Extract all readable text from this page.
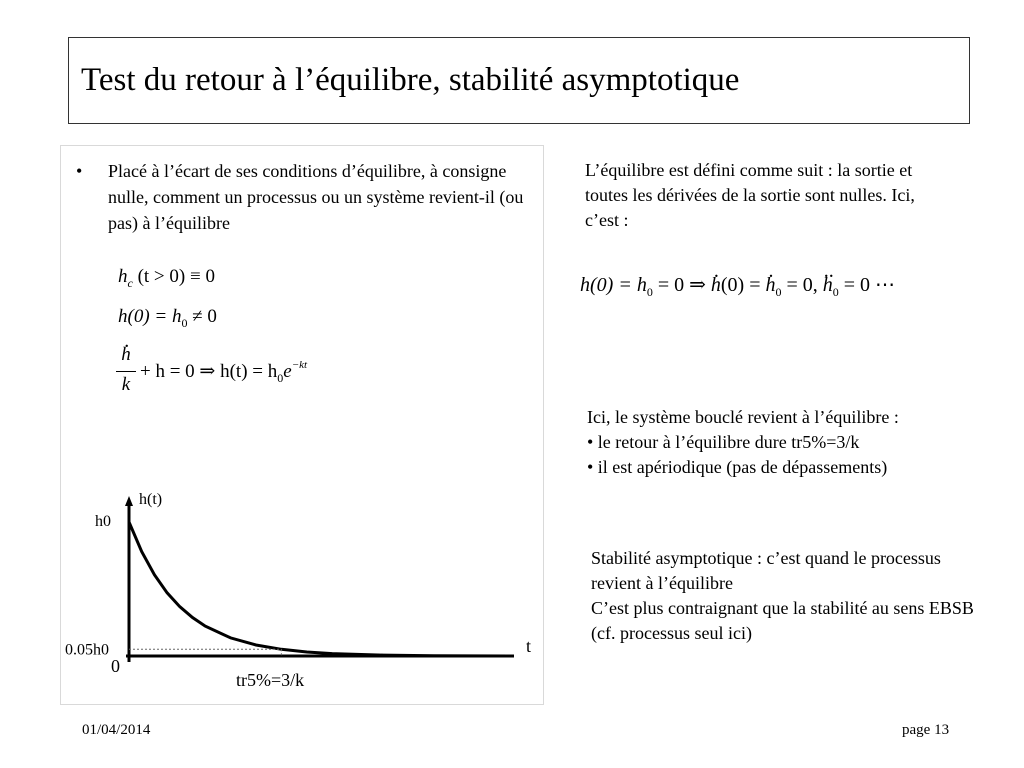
Test du retour à l’équilibre, stabilité asymptotique
• Placé à l’écart de ses conditions d’équilibre, à consigne nulle, comment un processus ou un système revient-il (ou pas) à l’équilibre
$h_c$ (t > 0) ≡ 0
$h(0) = h_0 \ne 0$
. h
k
+ h = 0 ⇒ $h(t) = h_0e^{-kt}$
h(t)
h0
0.05h0
0
t
tr5%=3/k
L’équilibre est défini comme suit : la sortie et toutes les dérivées de la sortie sont nulles. Ici, c’est :
$h(0) = h_0 = 0$ ⇒ . h(0) = . $h_0 = 0$, .. $h_0 = 0$ ⋯
Ici, le système bouclé revient à l’équilibre :
• le retour à l’équilibre dure tr5%=3/k
• il est apériodique (pas de dépassements)
Stabilité asymptotique : c’est quand le processus revient à l’équilibre
C’est plus contraignant que la stabilité au sens EBSB (cf. processus seul ici)
01/04/2014	page 13
